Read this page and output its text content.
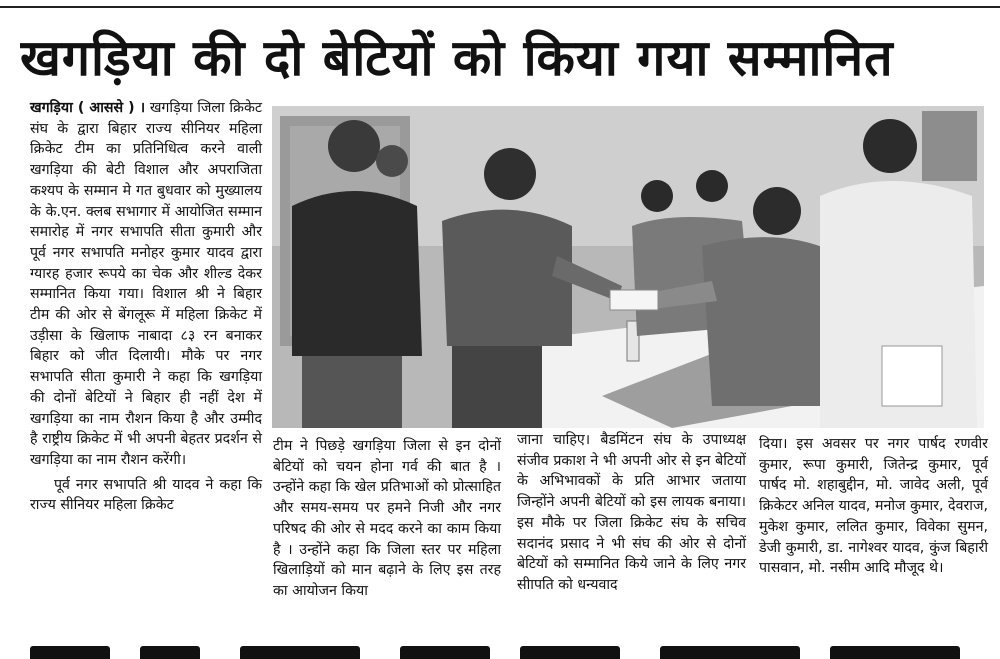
खगड़िया की दो बेटियों को किया गया सम्मानित

खगड़िया ( आससे ) । खगड़िया जिला क्रिकेट संघ के द्वारा बिहार राज्य सीनियर महिला क्रिकेट टीम का प्रतिनिधित्व करने वाली खगड़िया की बेटी विशाल और अपराजिता कश्यप के सम्मान मे गत बुधवार को मुख्यालय के के.एन. क्लब सभागार में आयोजित सम्मान समारोह में नगर सभापति सीता कुमारी और पूर्व नगर सभापति मनोहर कुमार यादव द्वारा ग्यारह हजार रूपये का चेक और शील्ड देकर सम्मानित किया गया। विशाल श्री ने बिहार टीम की ओर से बेंगलूरू में महिला क्रिकेट में उड़ीसा के खिलाफ नाबादा ८३ रन बनाकर बिहार को जीत दिलायी। मौके पर नगर सभापति सीता कुमारी ने कहा कि खगड़िया की दोनों बेटियों ने बिहार ही नहीं देश में खगड़िया का नाम रौशन किया है और उम्मीद है राष्ट्रीय क्रिकेट में भी अपनी बेहतर प्रदर्शन से खगड़िया का नाम रौशन करेंगी।

पूर्व नगर सभापति श्री यादव ने कहा कि राज्य सीनियर महिला क्रिकेट

टीम ने पिछड़े खगड़िया जिला से इन दोनों बेटियों को चयन होना गर्व की बात है । उन्होंने कहा कि खेल प्रतिभाओं को प्रोत्साहित और समय-समय पर हमने निजी और नगर परिषद की ओर से मदद करने का काम किया है । उन्होंने कहा कि जिला स्तर पर महिला खिलाड़ियों को मान बढ़ाने के लिए इस तरह का आयोजन किया
जाना चाहिए। बैडमिंटन संघ के उपाध्यक्ष संजीव प्रकाश ने भी अपनी ओर से इन बेटियों के अभिभावकों के प्रति आभार जताया जिन्होंने अपनी बेटियों को इस लायक बनाया। इस मौके पर जिला क्रिकेट संघ के सचिव सदानंद प्रसाद ने भी संघ की ओर से दोनों बेटियों को सम्मानित किये जाने के लिए नगर सीापति को धन्यवाद
दिया। इस अवसर पर नगर पार्षद रणवीर कुमार, रूपा कुमारी, जितेन्द्र कुमार, पूर्व पार्षद मो. शहाबुद्दीन, मो. जावेद अली, पूर्व क्रिकेटर अनिल यादव, मनोज कुमार, देवराज, मुकेश कुमार, ललित कुमार, विवेका सुमन, डेजी कुमारी, डा. नागेश्वर यादव, कुंज बिहारी पासवान, मो. नसीम आदि मौजूद थे।
